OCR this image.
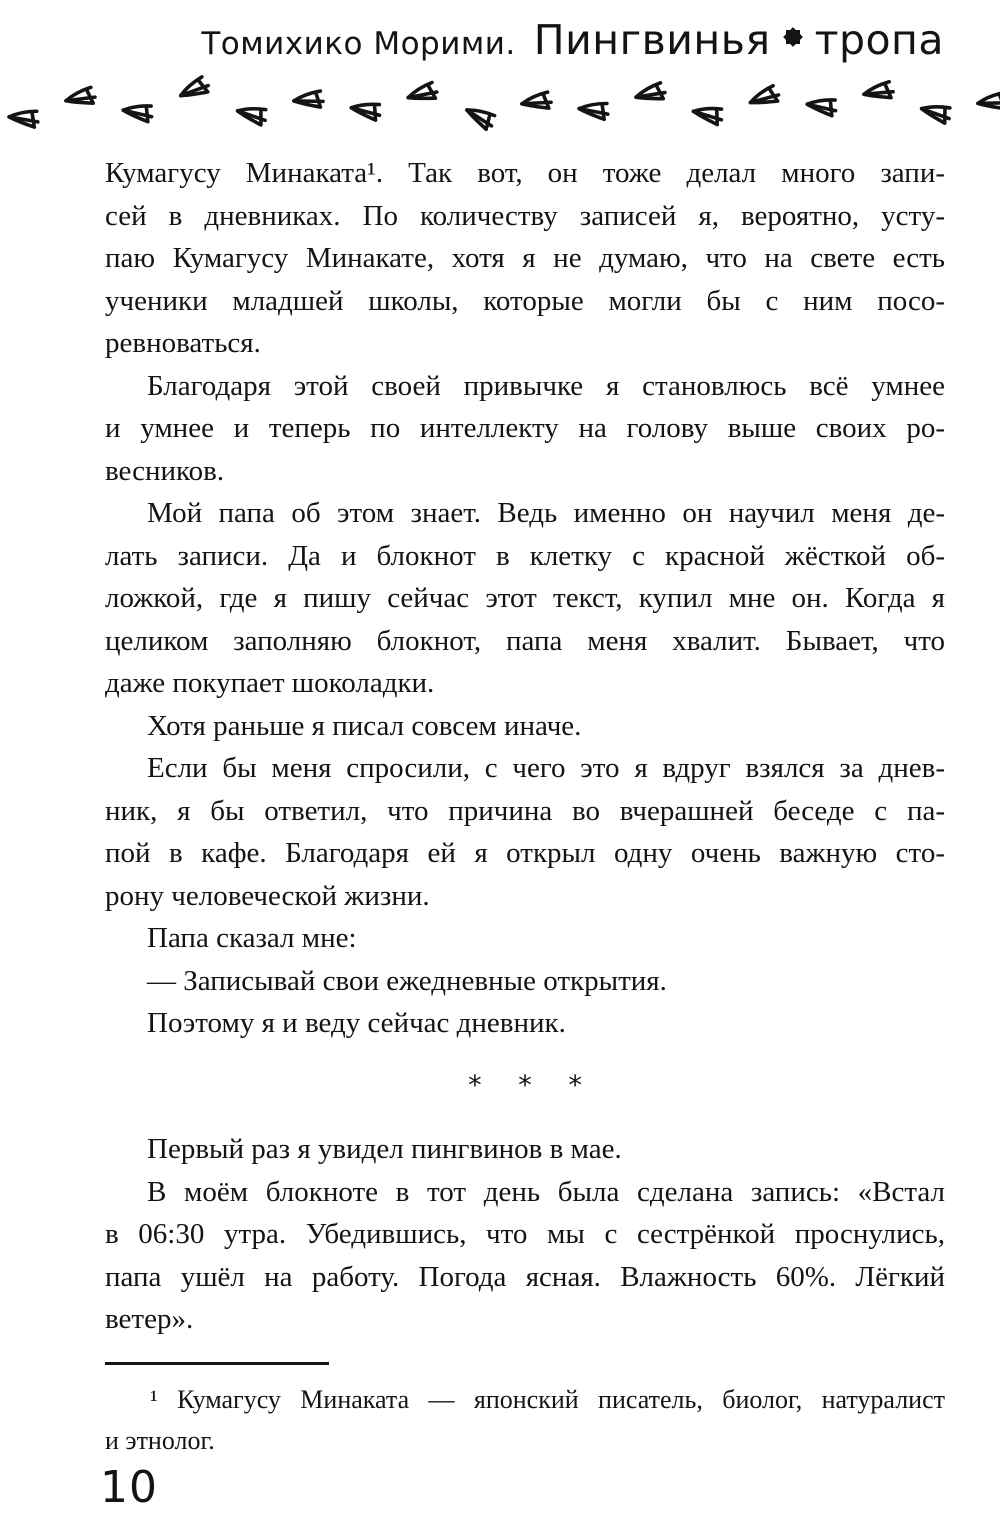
Томихико Морими. Пингвинья тропа
Кумагусу Минаката¹. Так вот, он тоже делал много запи-
сей в дневниках. По количеству записей я, вероятно, усту-
паю Кумагусу Минакате, хотя я не думаю, что на свете есть
ученики младшей школы, которые могли бы с ним посо-
ревноваться.
Благодаря этой своей привычке я становлюсь всё умнее
и умнее и теперь по интеллекту на голову выше своих ро-
весников.
Мой папа об этом знает. Ведь именно он научил меня де-
лать записи. Да и блокнот в клетку с красной жёсткой об-
ложкой, где я пишу сейчас этот текст, купил мне он. Когда я
целиком заполняю блокнот, папа меня хвалит. Бывает, что
даже покупает шоколадки.
Хотя раньше я писал совсем иначе.
Если бы меня спросили, с чего это я вдруг взялся за днев-
ник, я бы ответил, что причина во вчерашней беседе с па-
пой в кафе. Благодаря ей я открыл одну очень важную сто-
рону человеческой жизни.
Папа сказал мне:
— Записывай свои ежедневные открытия.
Поэтому я и веду сейчас дневник.
* * *
Первый раз я увидел пингвинов в мае.
В моём блокноте в тот день была сделана запись: «Встал
в 06:30 утра. Убедившись, что мы с сестрёнкой проснулись,
папа ушёл на работу. Погода ясная. Влажность 60%. Лёгкий
ветер».
¹ Кумагусу Минаката — японский писатель, биолог, натуралист
и этнолог.
10
